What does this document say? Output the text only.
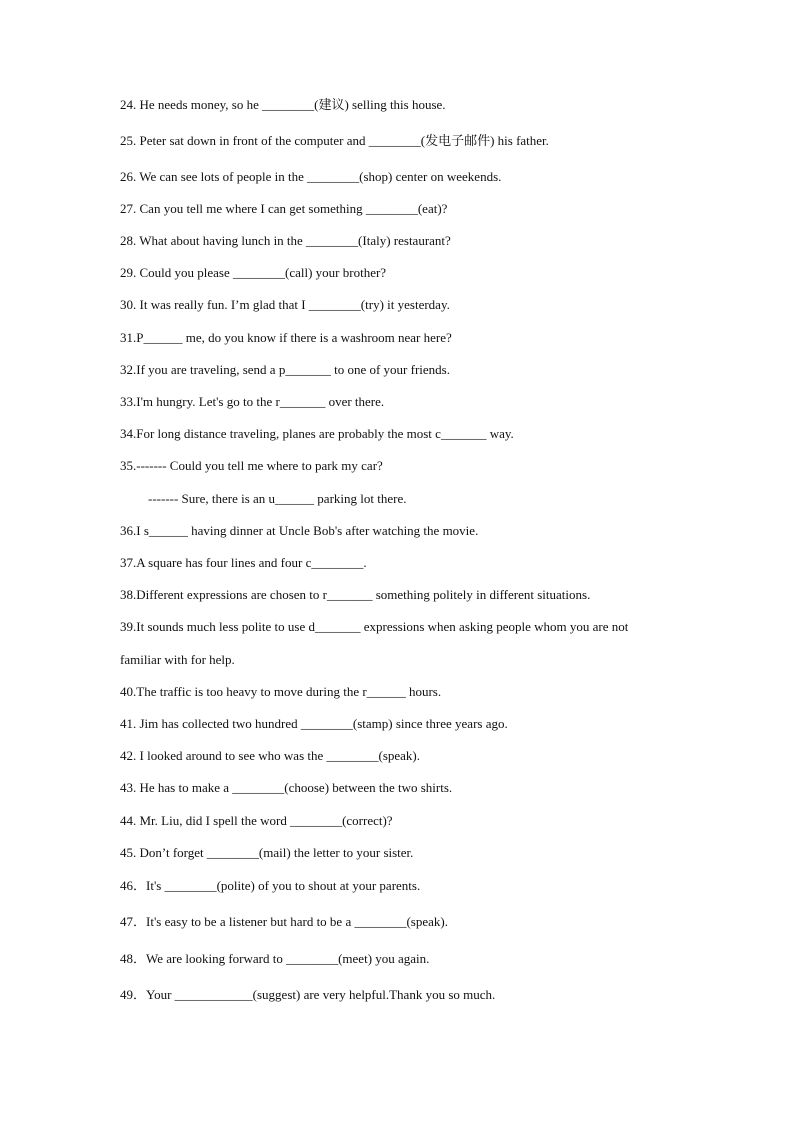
24. He needs money, so he ________(建议) selling this house.
25. Peter sat down in front of the computer and ________(发电子邮件) his father.
26. We can see lots of people in the ________(shop) center on weekends.
27. Can you tell me where I can get something ________(eat)?
28. What about having lunch in the ________(Italy) restaurant?
29. Could you please ________(call) your brother?
30. It was really fun. I’m glad that I ________(try) it yesterday.
31.P______ me, do you know if there is a washroom near here?
32.If you are traveling, send a p_______ to one of your friends.
33.I'm hungry. Let's go to the r_______ over there.
34.For long distance traveling, planes are probably the most c_______ way.
35.------- Could you tell me where to park my car?
------- Sure, there is an u______ parking lot there.
36.I s______ having dinner at Uncle Bob's after watching the movie.
37.A square has four lines and four c________.
38.Different expressions are chosen to r_______ something politely in different situations.
39.It sounds much less polite to use d_______ expressions when asking people whom you are not
familiar with for help.
40.The traffic is too heavy to move during the r______ hours.
41. Jim has collected two hundred ________(stamp) since three years ago.
42. I looked around to see who was the ________(speak).
43. He has to make a ________(choose) between the two shirts.
44. Mr. Liu, did I spell the word ________(correct)?
45. Don’t forget ________(mail) the letter to your sister.
46．It's ________(polite) of you to shout at your parents.
47．It's easy to be a listener but hard to be a ________(speak).
48．We are looking forward to ________(meet) you again.
49．Your ____________(suggest) are very helpful.Thank you so much.
